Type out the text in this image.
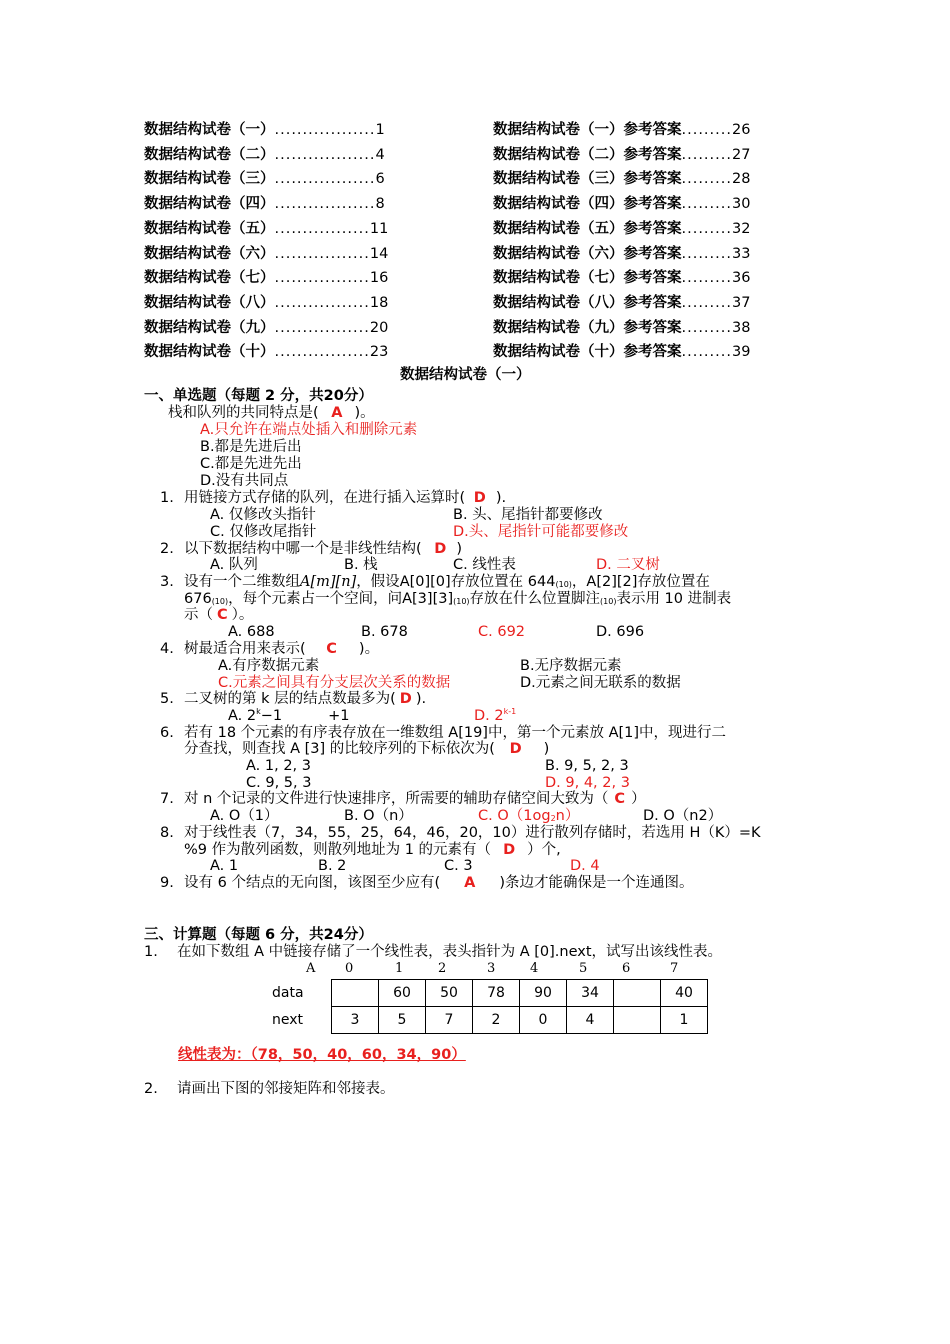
数据结构试卷（一）..................1
数据结构试卷（二）..................4
数据结构试卷（三）..................6
数据结构试卷（四）..................8
数据结构试卷（五）.................11
数据结构试卷（六）.................14
数据结构试卷（七）.................16
数据结构试卷（八）.................18
数据结构试卷（九）.................20
数据结构试卷（十）.................23
数据结构试卷（一）参考答案.........26
数据结构试卷（二）参考答案.........27
数据结构试卷（三）参考答案.........28
数据结构试卷（四）参考答案.........30
数据结构试卷（五）参考答案.........32
数据结构试卷（六）参考答案.........33
数据结构试卷（七）参考答案.........36
数据结构试卷（八）参考答案.........37
数据结构试卷（九）参考答案.........38
数据结构试卷（十）参考答案.........39
数据结构试卷（一）
一、单选题（每题 2 分，共20分）
栈和队列的共同特点是( A )。
A.只允许在端点处插入和删除元素
B.都是先进后出
C.都是先进先出
D.没有共同点
1. 用链接方式存储的队列，在进行插入运算时( D ).
A. 仅修改头指针	B. 头、尾指针都要修改
C. 仅修改尾指针	D.头、尾指针可能都要修改
2. 以下数据结构中哪一个是非线性结构( D )
A. 队列	B. 栈	C. 线性表	D. 二叉树
3. 设有一个二维数组A[m][n]，假设A[0][0]存放位置在 $644_{(10)}$，A[2][2]存放位置在
$676_{(10)}$，每个元素占一个空间，问$A[3][3]_{(10)}$存放在什么位置脚注$_{(10)}$表示用 10 进制表
示（ C ）。
A. 688	B. 678	C. 692	D. 696
4. 树最适合用来表示( C )。
A.有序数据元素	B.无序数据元素
C.元素之间具有分支层次关系的数据	D.元素之间无联系的数据
5. 二叉树的第 k 层的结点数最多为( D ).
A. $2^k-1$	+1	D. 2$^{k-1}$
6. 若有 18 个元素的有序表存放在一维数组 A[19]中，第一个元素放 A[1]中，现进行二
分查找，则查找 A [3] 的比较序列的下标依次为( D )
A. 1, 2, 3	B. 9, 5, 2, 3
C. 9, 5, 3	D. 9, 4, 2, 3
7. 对 n 个记录的文件进行快速排序，所需要的辅助存储空间大致为（ C ）
A. O（1）	B. O（n）	C. $O(1og_2n)$	D. O（n2）
8. 对于线性表（7，34，55，25，64，46，20，10）进行散列存储时，若选用 H（K）=K
%9 作为散列函数，则散列地址为 1 的元素有（ D ）个,
A. 1	B. 2	C. 3	D. 4
9. 设有 6 个结点的无向图，该图至少应有( A )条边才能确保是一个连通图。
三、计算题（每题 6 分，共24分）
1. 在如下数组 A 中链接存储了一个线性表，表头指针为 A [0].next，试写出该线性表。
A 0	1	2	3	4	5	6	7
data		60	50	78	90	34		40
next	3	5	7	2	0	4		1
线性表为：（78，50，40，60，34，90）
2. 请画出下图的邻接矩阵和邻接表。
